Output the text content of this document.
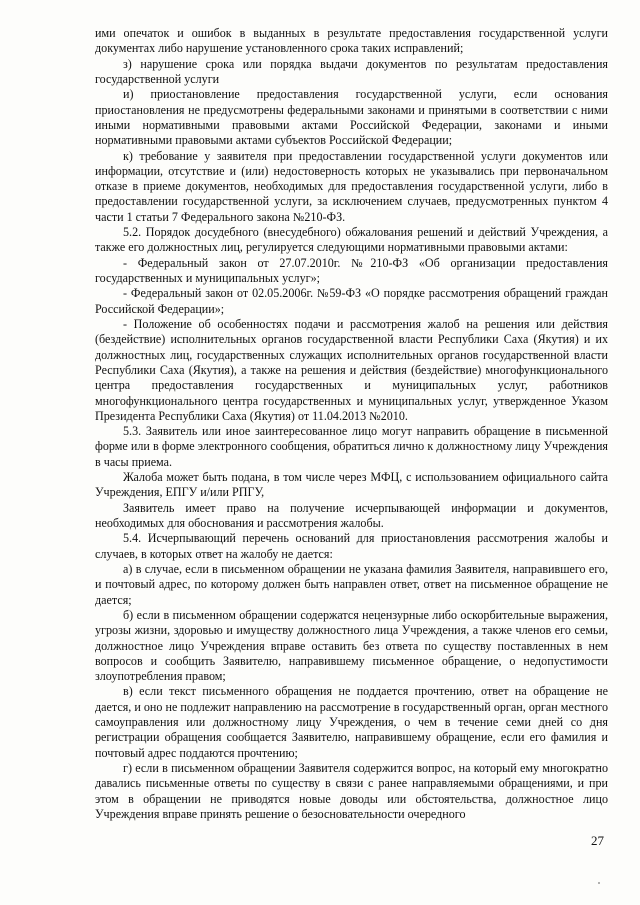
ими опечаток и ошибок в выданных в результате предоставления государственной услуги документах либо нарушение установленного срока таких исправлений;

з) нарушение срока или порядка выдачи документов по результатам предоставления государственной услуги

и) приостановление предоставления государственной услуги, если основания приостановления не предусмотрены федеральными законами и принятыми в соответствии с ними иными нормативными правовыми актами Российской Федерации, законами и иными нормативными правовыми актами субъектов Российской Федерации;

к) требование у заявителя при предоставлении государственной услуги документов или информации, отсутствие и (или) недостоверность которых не указывались при первоначальном отказе в приеме документов, необходимых для предоставления государственной услуги, либо в предоставлении государственной услуги, за исключением случаев, предусмотренных пунктом 4 части 1 статьи 7 Федерального закона №210-ФЗ.

5.2. Порядок досудебного (внесудебного) обжалования решений и действий Учреждения, а также его должностных лиц, регулируется следующими нормативными правовыми актами:

- Федеральный закон от 27.07.2010г. №210-ФЗ «Об организации предоставления государственных и муниципальных услуг»;

- Федеральный закон от 02.05.2006г. №59-ФЗ «О порядке рассмотрения обращений граждан Российской Федерации»;

- Положение об особенностях подачи и рассмотрения жалоб на решения или действия (бездействие) исполнительных органов государственной власти Республики Саха (Якутия) и их должностных лиц, государственных служащих исполнительных органов государственной власти Республики Саха (Якутия), а также на решения и действия (бездействие) многофункционального центра предоставления государственных и муниципальных услуг, работников многофункционального центра государственных и муниципальных услуг, утвержденное Указом Президента Республики Саха (Якутия) от 11.04.2013 №2010.

5.3. Заявитель или иное заинтересованное лицо могут направить обращение в письменной форме или в форме электронного сообщения, обратиться лично к должностному лицу Учреждения в часы приема.

Жалоба может быть подана, в том числе через МФЦ, с использованием официального сайта Учреждения, ЕПГУ и/или РПГУ,

Заявитель имеет право на получение исчерпывающей информации и документов, необходимых для обоснования и рассмотрения жалобы.

5.4. Исчерпывающий перечень оснований для приостановления рассмотрения жалобы и случаев, в которых ответ на жалобу не дается:

а) в случае, если в письменном обращении не указана фамилия Заявителя, направившего его, и почтовый адрес, по которому должен быть направлен ответ, ответ на письменное обращение не дается;

б) если в письменном обращении содержатся нецензурные либо оскорбительные выражения, угрозы жизни, здоровью и имуществу должностного лица Учреждения, а также членов его семьи, должностное лицо Учреждения вправе оставить без ответа по существу поставленных в нем вопросов и сообщить Заявителю, направившему письменное обращение, о недопустимости злоупотребления правом;

в) если текст письменного обращения не поддается прочтению, ответ на обращение не дается, и оно не подлежит направлению на рассмотрение в государственный орган, орган местного самоуправления или должностному лицу Учреждения, о чем в течение семи дней со дня регистрации обращения сообщается Заявителю, направившему обращение, если его фамилия и почтовый адрес поддаются прочтению;

г) если в письменном обращении Заявителя содержится вопрос, на который ему многократно давались письменные ответы по существу в связи с ранее направляемыми обращениями, и при этом в обращении не приводятся новые доводы или обстоятельства, должностное лицо Учреждения вправе принять решение о безосновательности очередного

27
